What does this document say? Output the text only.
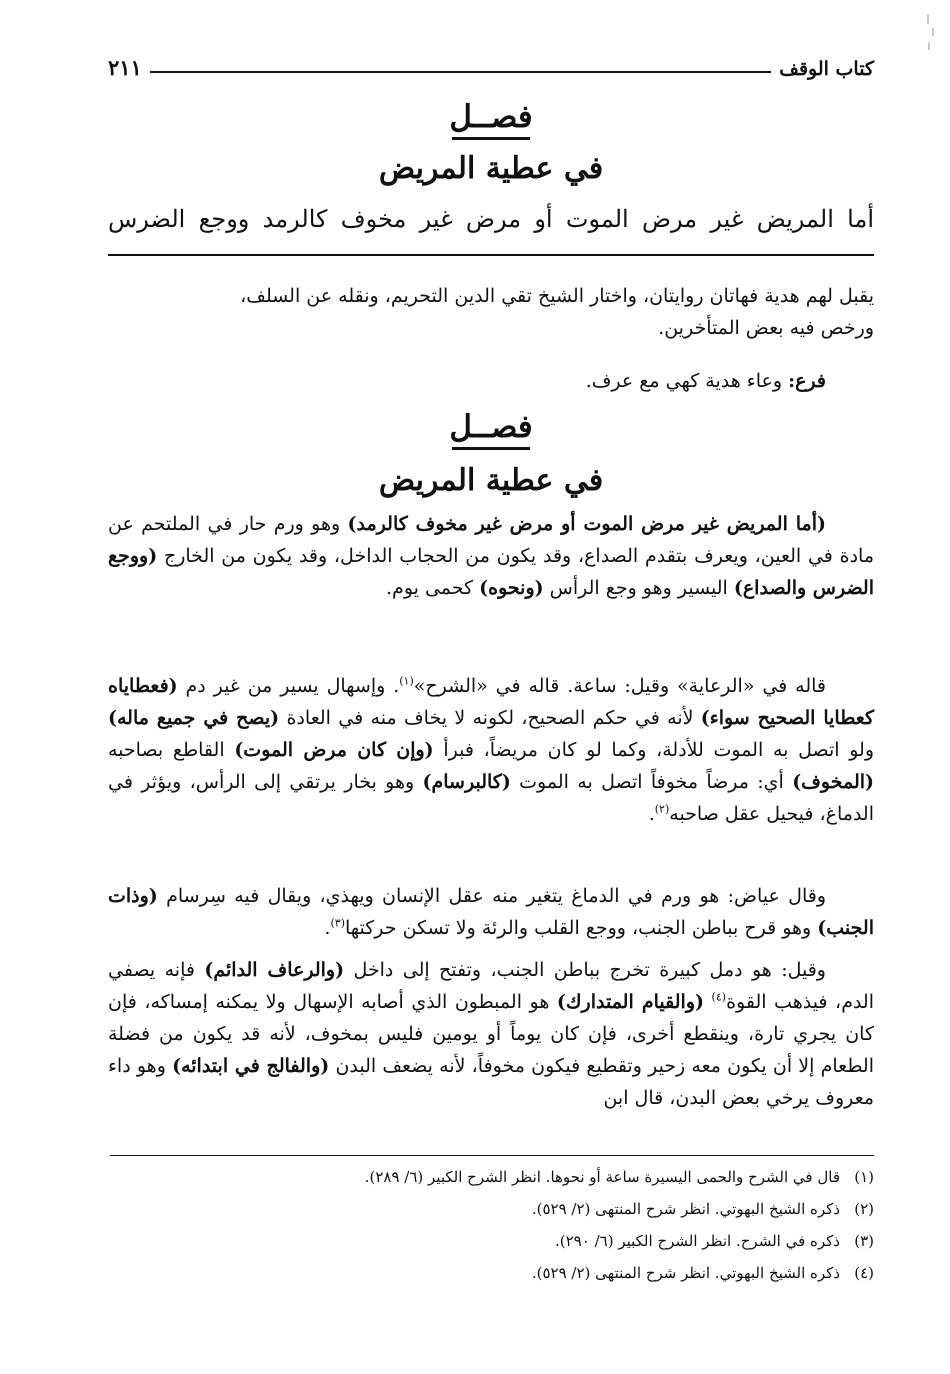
كتاب الوقف
٢١١
فصــل
في عطية المريض
أما المريض غير مرض الموت أو مرض غير مخوف كالرمد ووجع الضرس
يقبل لهم هدية فهاتان روايتان، واختار الشيخ تقي الدين التحريم، ونقله عن السلف،
ورخص فيه بعض المتأخرين.
فرع: وعاء هدية كهي مع عرف.
فصــل
في عطية المريض
(أما المريض غير مرض الموت أو مرض غير مخوف كالرمد) وهو ورم حار في الملتحم عن مادة في العين، ويعرف بتقدم الصداع، وقد يكون من الحجاب الداخل، وقد يكون من الخارج (ووجع الضرس والصداع) اليسير وهو وجع الرأس (ونحوه) كحمى يوم.
قاله في «الرعاية» وقيل: ساعة. قاله في «الشرح»$^{(١)}$. وإسهال يسير من غير دم (فعطاياه كعطايا الصحيح سواء) لأنه في حكم الصحيح، لكونه لا يخاف منه في العادة (يصح في جميع ماله) ولو اتصل به الموت للأدلة، وكما لو كان مريضاً، فبرأ (وإن كان مرض الموت) القاطع بصاحبه (المخوف) أي: مرضاً مخوفاً اتصل به الموت (كالبرسام) وهو بخار يرتقي إلى الرأس، ويؤثر في الدماغ، فيحيل عقل صاحبه$^{(٢)}$.
وقال عياض: هو ورم في الدماغ يتغير منه عقل الإنسان ويهذي، ويقال فيه سِرسام (وذات الجنب) وهو قرح بباطن الجنب، ووجع القلب والرئة ولا تسكن حركتها$^{(٣)}$.
وقيل: هو دمل كبيرة تخرج بباطن الجنب، وتفتح إلى داخل (والرعاف الدائم) فإنه يصفي الدم، فيذهب القوة$^{(٤)}$ (والقيام المتدارك) هو المبطون الذي أصابه الإسهال ولا يمكنه إمساكه، فإن كان يجري تارة، وينقطع أخرى، فإن كان يوماً أو يومين فليس بمخوف، لأنه قد يكون من فضلة الطعام إلا أن يكون معه زحير وتقطيع فيكون مخوفاً، لأنه يضعف البدن (والفالج في ابتدائه) وهو داء معروف يرخي بعض البدن، قال ابن
(١)قال في الشرح والحمى اليسيرة ساعة أو نحوها. انظر الشرح الكبير (٦/ ٢٨٩).
(٢)ذكره الشيخ البهوتي. انظر شرح المنتهى (٢/ ٥٢٩).
(٣)ذكره في الشرح. انظر الشرح الكبير (٦/ ٢٩٠).
(٤)ذكره الشيخ البهوتي. انظر شرح المنتهى (٢/ ٥٢٩).
